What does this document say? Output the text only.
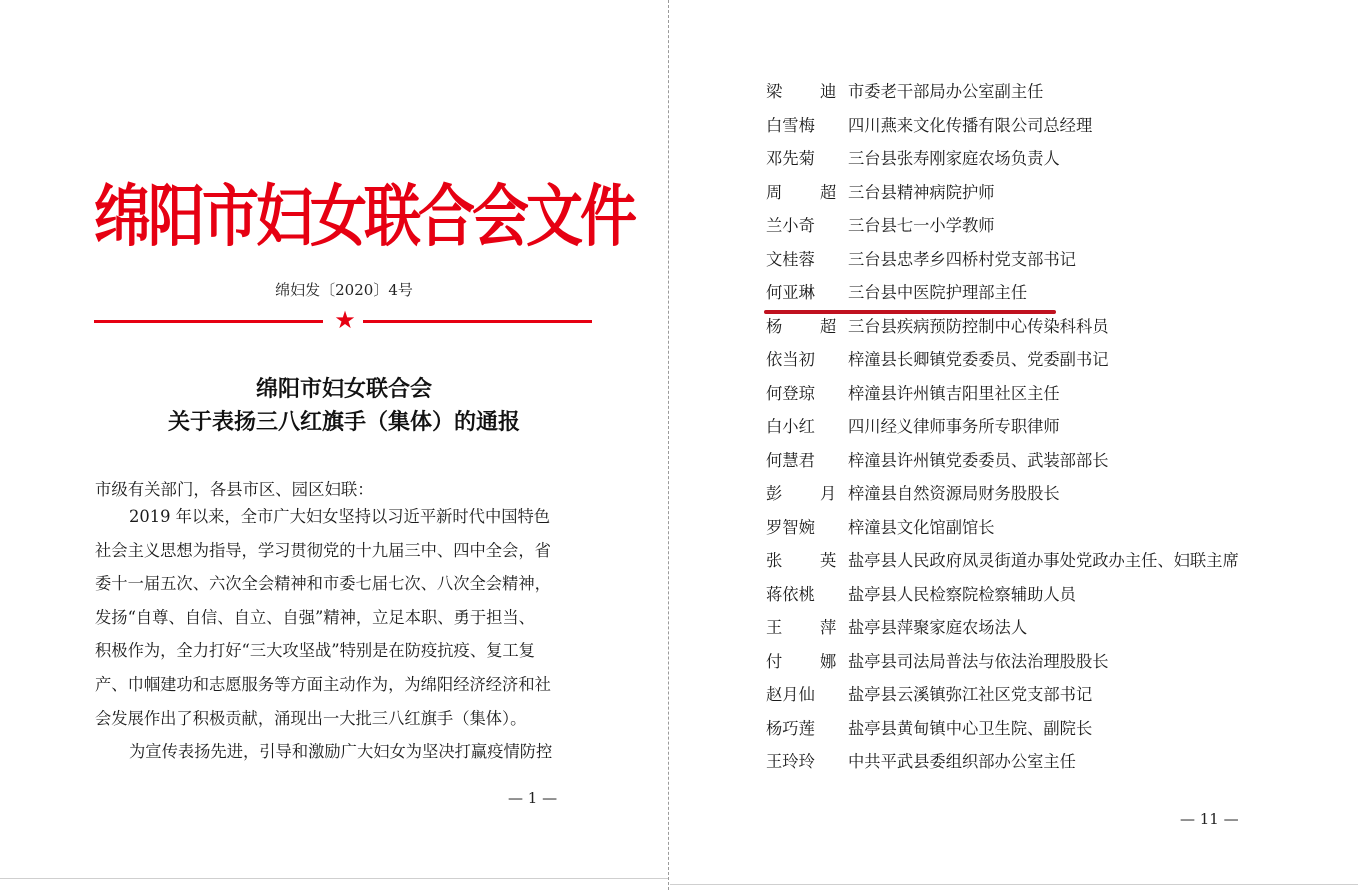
绵阳市妇女联合会文件
绵妇发〔2020〕4号
★
绵阳市妇女联合会
关于表扬三八红旗手（集体）的通报
市级有关部门，各县市区、园区妇联：
2019 年以来，全市广大妇女坚持以习近平新时代中国特色
社会主义思想为指导，学习贯彻党的十九届三中、四中全会，省
委十一届五次、六次全会精神和市委七届七次、八次全会精神，
发扬“自尊、自信、自立、自强”精神，立足本职、勇于担当、
积极作为，全力打好“三大攻坚战”特别是在防疫抗疫、复工复
产、巾帼建功和志愿服务等方面主动作为，为绵阳经济经济和社
会发展作出了积极贡献，涌现出一大批三八红旗手（集体）。
为宣传表扬先进，引导和激励广大妇女为坚决打赢疫情防控
— 1 —
梁 迪 市委老干部局办公室副主任
白雪梅	四川燕来文化传播有限公司总经理
邓先菊	三台县张寿刚家庭农场负责人
周 超 三台县精神病院护师
兰小奇	三台县七一小学教师
文桂蓉	三台县忠孝乡四桥村党支部书记
何亚琳	三台县中医院护理部主任
杨 超 三台县疾病预防控制中心传染科科员
依当初	梓潼县长卿镇党委委员、党委副书记
何登琼	梓潼县许州镇吉阳里社区主任
白小红	四川经义律师事务所专职律师
何慧君	梓潼县许州镇党委委员、武装部部长
彭 月 梓潼县自然资源局财务股股长
罗智婉	梓潼县文化馆副馆长
张 英 盐亭县人民政府凤灵街道办事处党政办主任、妇联主席
蒋依桃	盐亭县人民检察院检察辅助人员
王 萍 盐亭县萍聚家庭农场法人
付 娜 盐亭县司法局普法与依法治理股股长
赵月仙	盐亭县云溪镇弥江社区党支部书记
杨巧莲	盐亭县黄甸镇中心卫生院、副院长
王玲玲	中共平武县委组织部办公室主任
— 11 —
